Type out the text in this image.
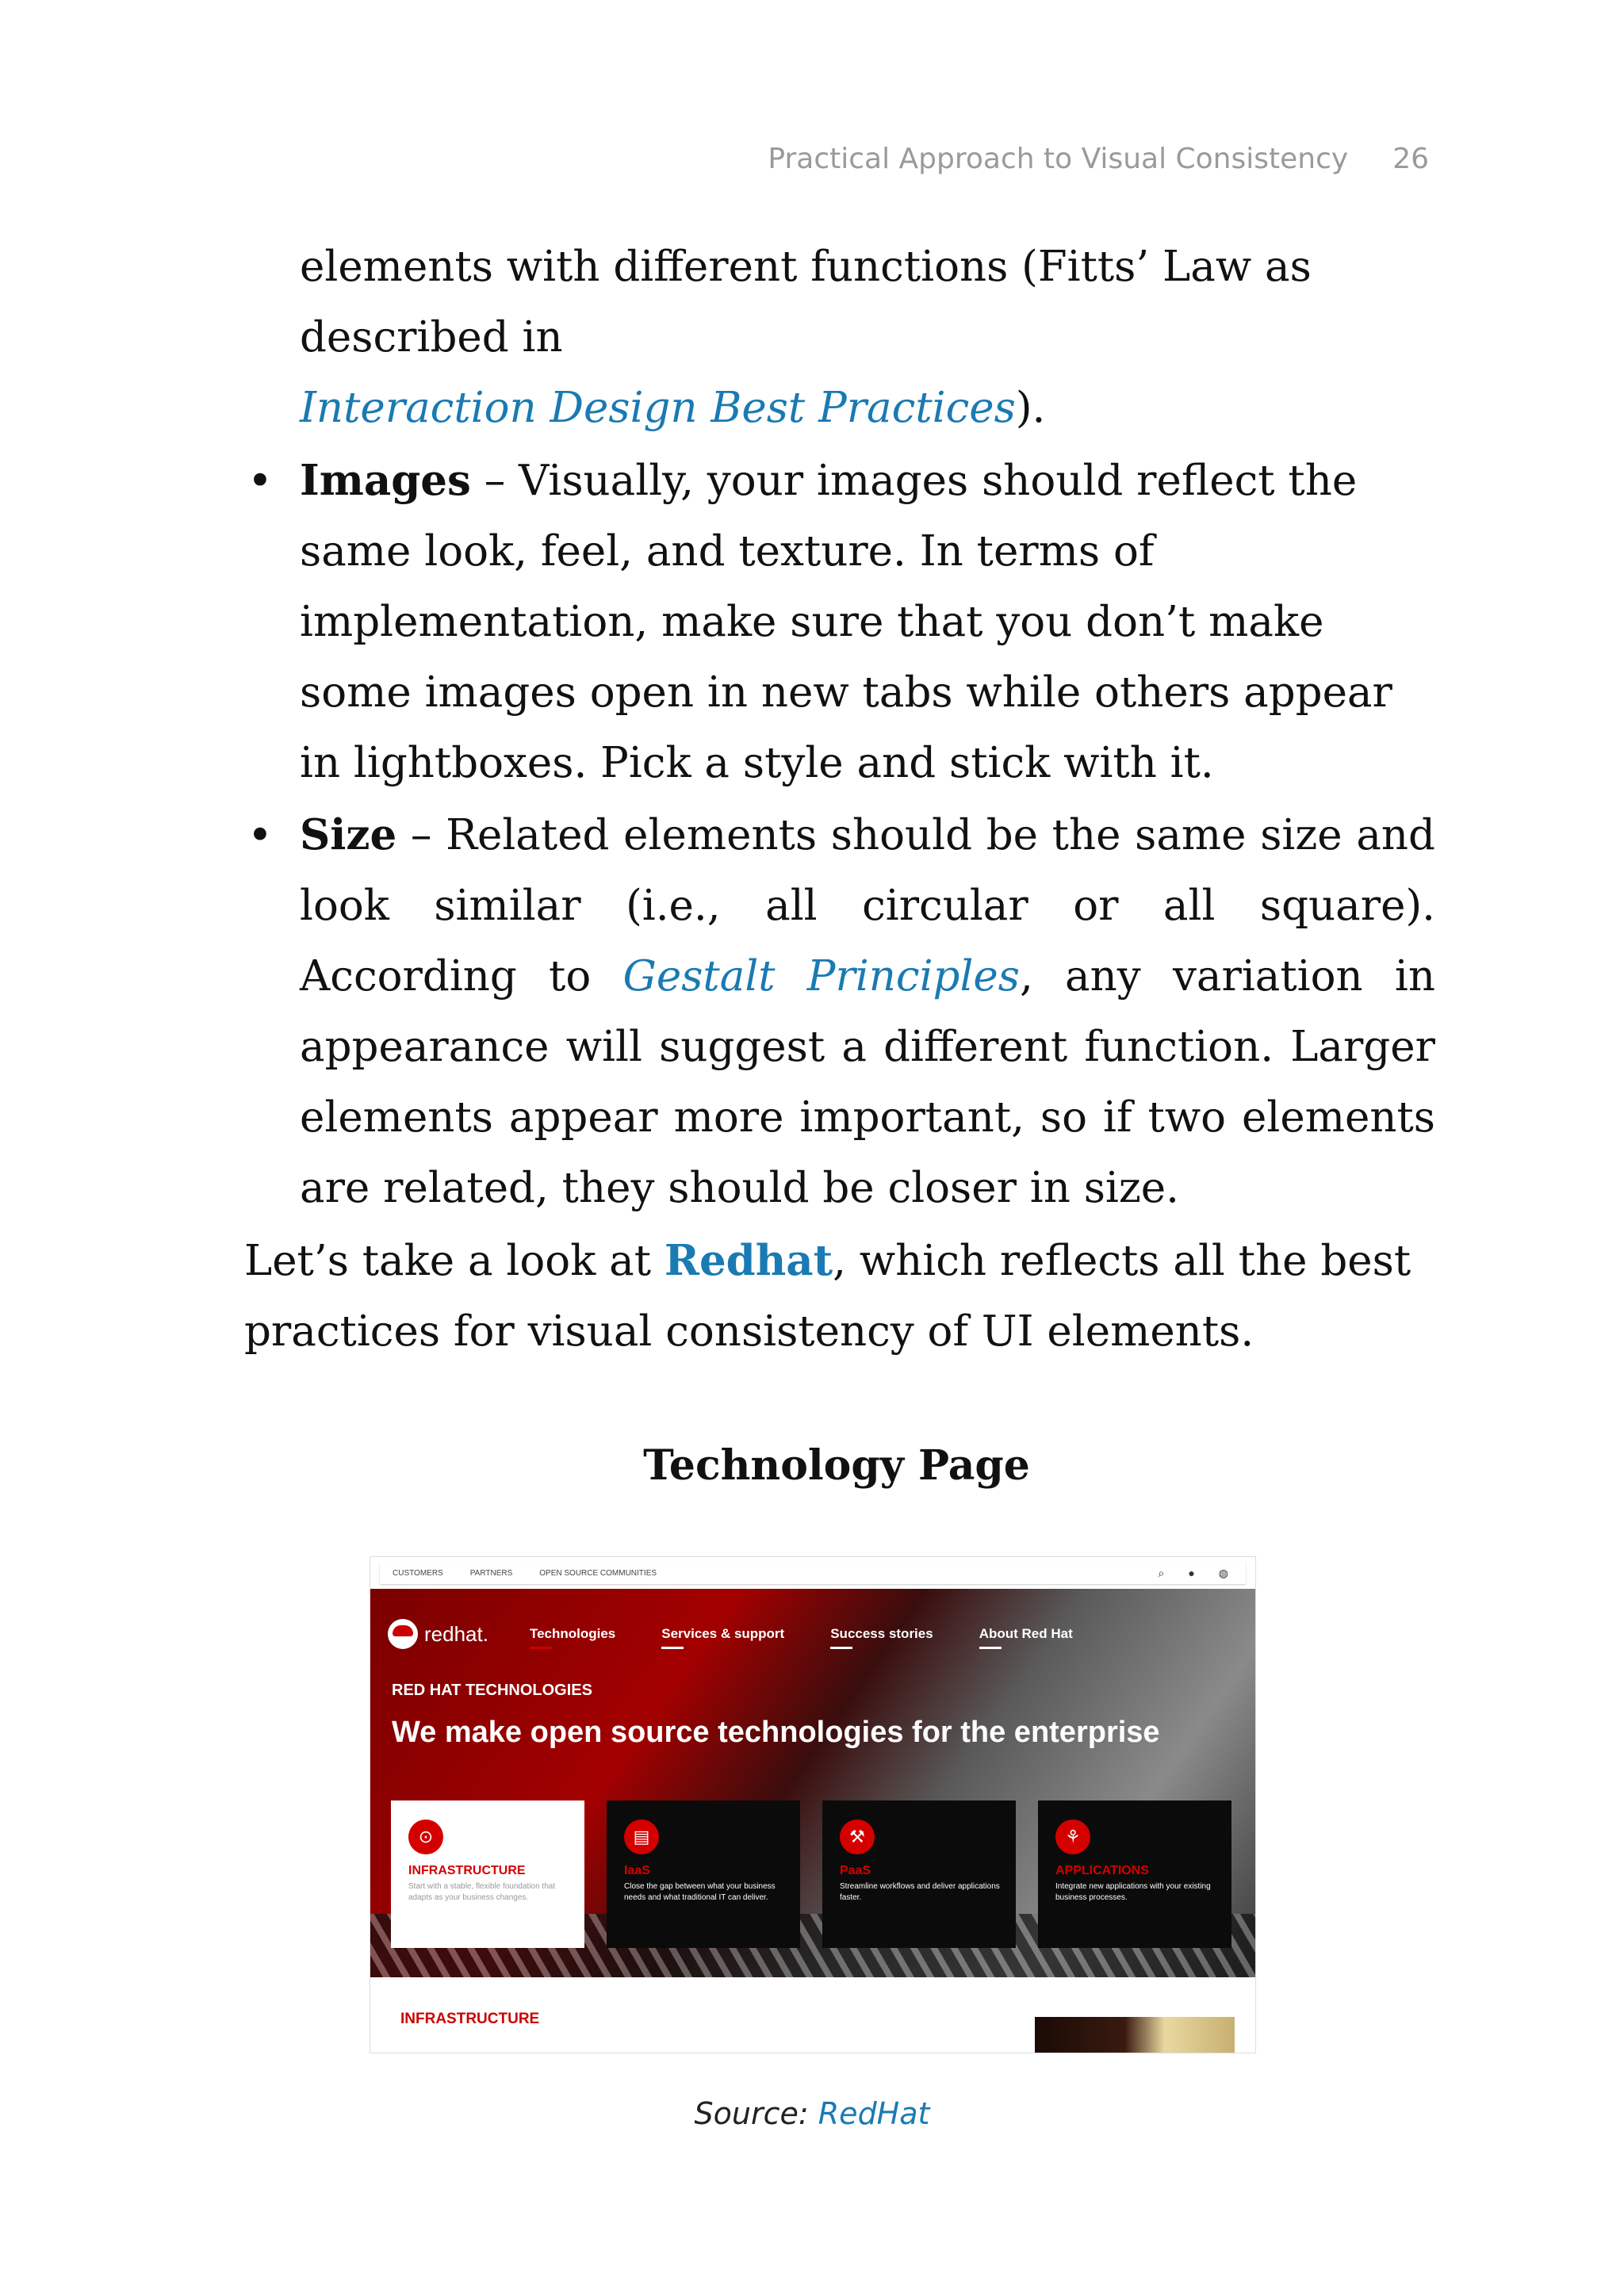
Practical Approach to Visual Consistency 26
elements with different functions (Fitts’ Law as described in
Interaction Design Best Practices).
• Images – Visually, your images should reflect the same look, feel, and texture. In terms of implementation, make sure that you don’t make some images open in new tabs while others appear in lightboxes. Pick a style and stick with it.
• Size – Related elements should be the same size and look similar (i.e., all circular or all square). According to Gestalt Principles, any variation in appearance will suggest a different function. Larger elements appear more important, so if two elements are related, they should be closer in size.
Let’s take a look at Redhat, which reflects all the best practices for visual consistency of UI elements.
Technology Page
CUSTOMERS	PARTNERS	OPEN SOURCE COMMUNITIES	⌕ ● ◍
redhat.	Technologies	Services & support	Success stories	About Red Hat
RED HAT TECHNOLOGIES
We make open source technologies for the enterprise
⊙
INFRASTRUCTURE
Start with a stable, flexible foundation that adapts as your business changes.
▤
IaaS
Close the gap between what your business needs and what traditional IT can deliver.
⚒
PaaS
Streamline workflows and deliver applications faster.
⚘
APPLICATIONS
Integrate new applications with your existing business processes.
INFRASTRUCTURE
Source: RedHat
